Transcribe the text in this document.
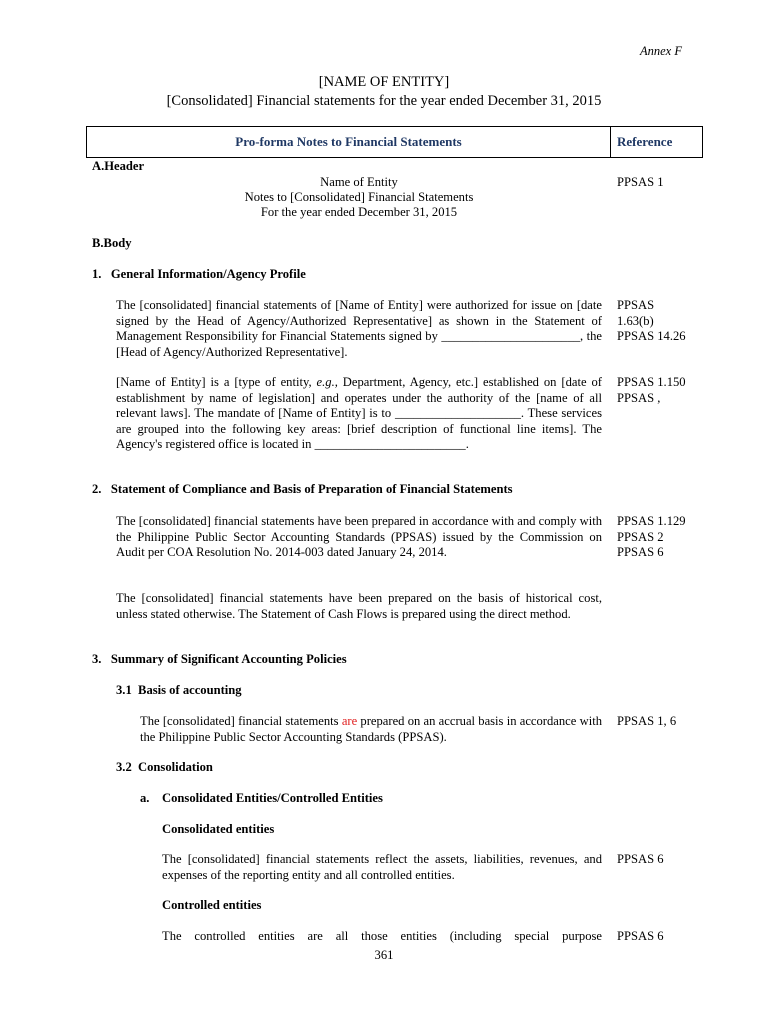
Annex F
[NAME OF ENTITY]
[Consolidated] Financial statements for the year ended December 31, 2015
Pro-forma Notes to Financial Statements	Reference
A.Header
Name of Entity
Notes to [Consolidated] Financial Statements
For the year ended December 31, 2015
PPSAS 1
B.Body
1.   General Information/Agency Profile
The [consolidated] financial statements of [Name of Entity] were authorized for issue on [date signed by the Head of Agency/Authorized Representative] as shown in the Statement of Management Responsibility for Financial Statements signed by ______________________, the [Head of Agency/Authorized Representative].
PPSAS
1.63(b)
PPSAS 14.26
[Name of Entity] is a [type of entity, e.g., Department, Agency, etc.] established on [date of establishment by name of legislation] and operates under the authority of the [name of all relevant laws]. The mandate of [Name of Entity] is to ____________________. These services are grouped into the following key areas: [brief description of functional line items]. The Agency's registered office is located in ________________________.
PPSAS 1.150
PPSAS ,
2.   Statement of Compliance and Basis of Preparation of Financial Statements
The [consolidated] financial statements have been prepared in accordance with and comply with the Philippine Public Sector Accounting Standards (PPSAS) issued by the Commission on Audit per COA Resolution No. 2014-003 dated January 24, 2014.
PPSAS 1.129
PPSAS 2
PPSAS 6
The [consolidated] financial statements have been prepared on the basis of historical cost, unless stated otherwise. The Statement of Cash Flows is prepared using the direct method.
3.   Summary of Significant Accounting Policies
3.1  Basis of accounting
The [consolidated] financial statements are prepared on an accrual basis in accordance with the Philippine Public Sector Accounting Standards (PPSAS).
PPSAS 1, 6
3.2  Consolidation
a.    Consolidated Entities/Controlled Entities
Consolidated entities
The [consolidated] financial statements reflect the assets, liabilities, revenues, and expenses of the reporting entity and all controlled entities.
PPSAS 6
Controlled entities
The controlled entities are all those entities (including special purpose PPSAS 6
361
